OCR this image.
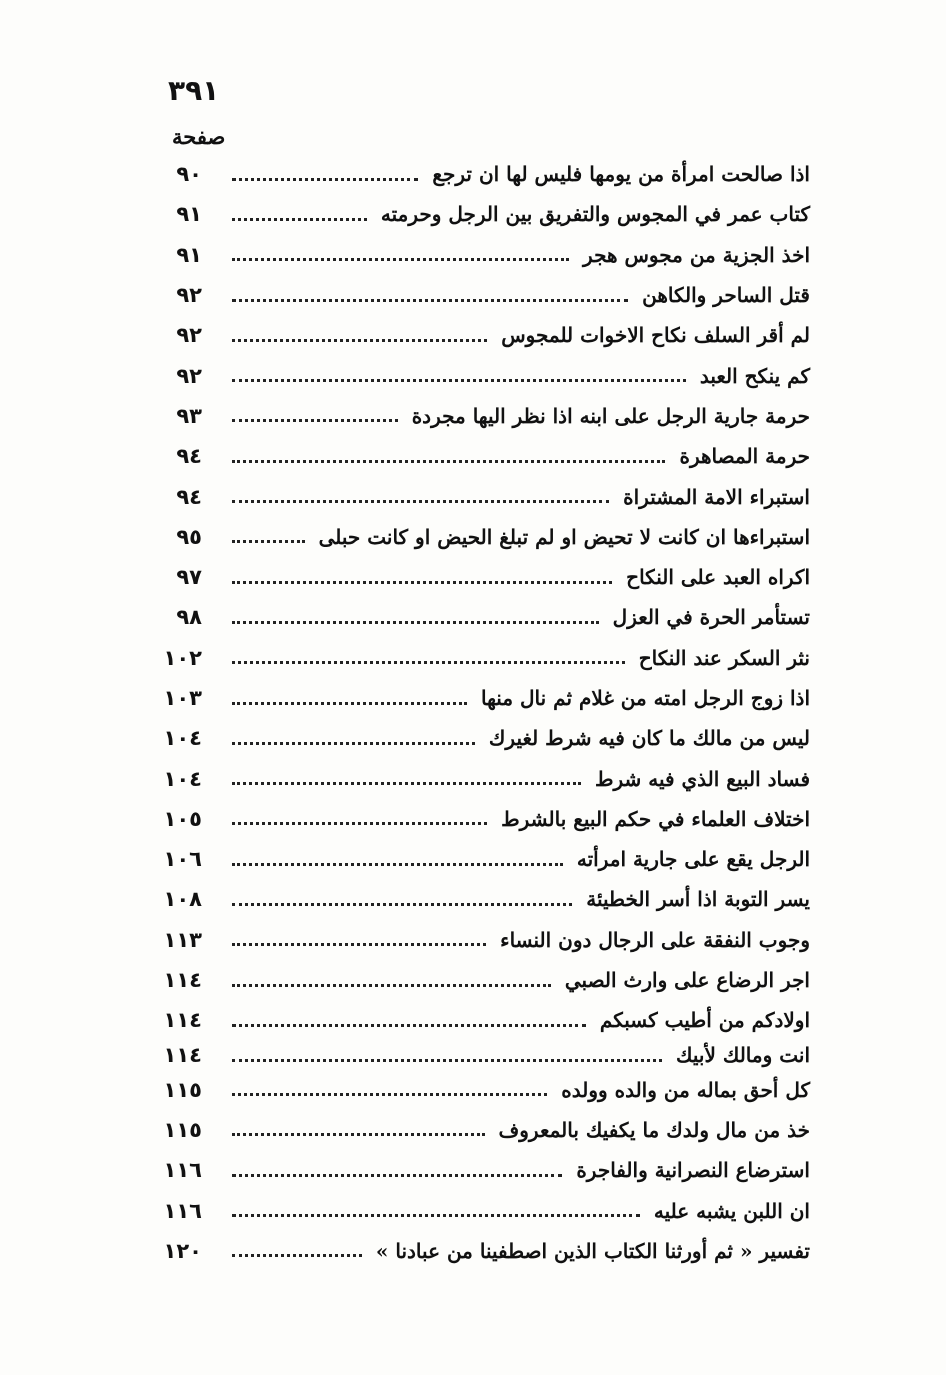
٣٩١
صفحة
٩٠	اذا صالحت امرأة من يومها فليس لها ان ترجع
٩١	كتاب عمر في المجوس والتفريق بين الرجل وحرمته
٩١	اخذ الجزية من مجوس هجر
٩٢	قتل الساحر والكاهن
٩٢	لم أقر السلف نكاح الاخوات للمجوس
٩٢	كم ينكح العبد
٩٣	حرمة جارية الرجل على ابنه اذا نظر اليها مجردة
٩٤	حرمة المصاهرة
٩٤	استبراء الامة المشتراة
٩٥	استبراءها ان كانت لا تحيض او لم تبلغ الحيض او كانت حبلى
٩٧	اكراه العبد على النكاح
٩٨	تستأمر الحرة في العزل
١٠٢	نثر السكر عند النكاح
١٠٣	اذا زوج الرجل امته من غلام ثم نال منها
١٠٤	ليس من مالك ما كان فيه شرط لغيرك
١٠٤	فساد البيع الذي فيه شرط
١٠٥	اختلاف العلماء في حكم البيع بالشرط
١٠٦	الرجل يقع على جارية امرأته
١٠٨	يسر التوبة اذا أسر الخطيئة
١١٣	وجوب النفقة على الرجال دون النساء
١١٤	اجر الرضاع على وارث الصبي
١١٤	اولادكم من أطيب كسبكم
١١٤	انت ومالك لأبيك
١١٥	كل أحق بماله من والده وولده
١١٥	خذ من مال ولدك ما يكفيك بالمعروف
١١٦	استرضاع النصرانية والفاجرة
١١٦	ان اللبن يشبه عليه
١٢٠	تفسير « ثم أورثنا الكتاب الذين اصطفينا من عبادنا »
